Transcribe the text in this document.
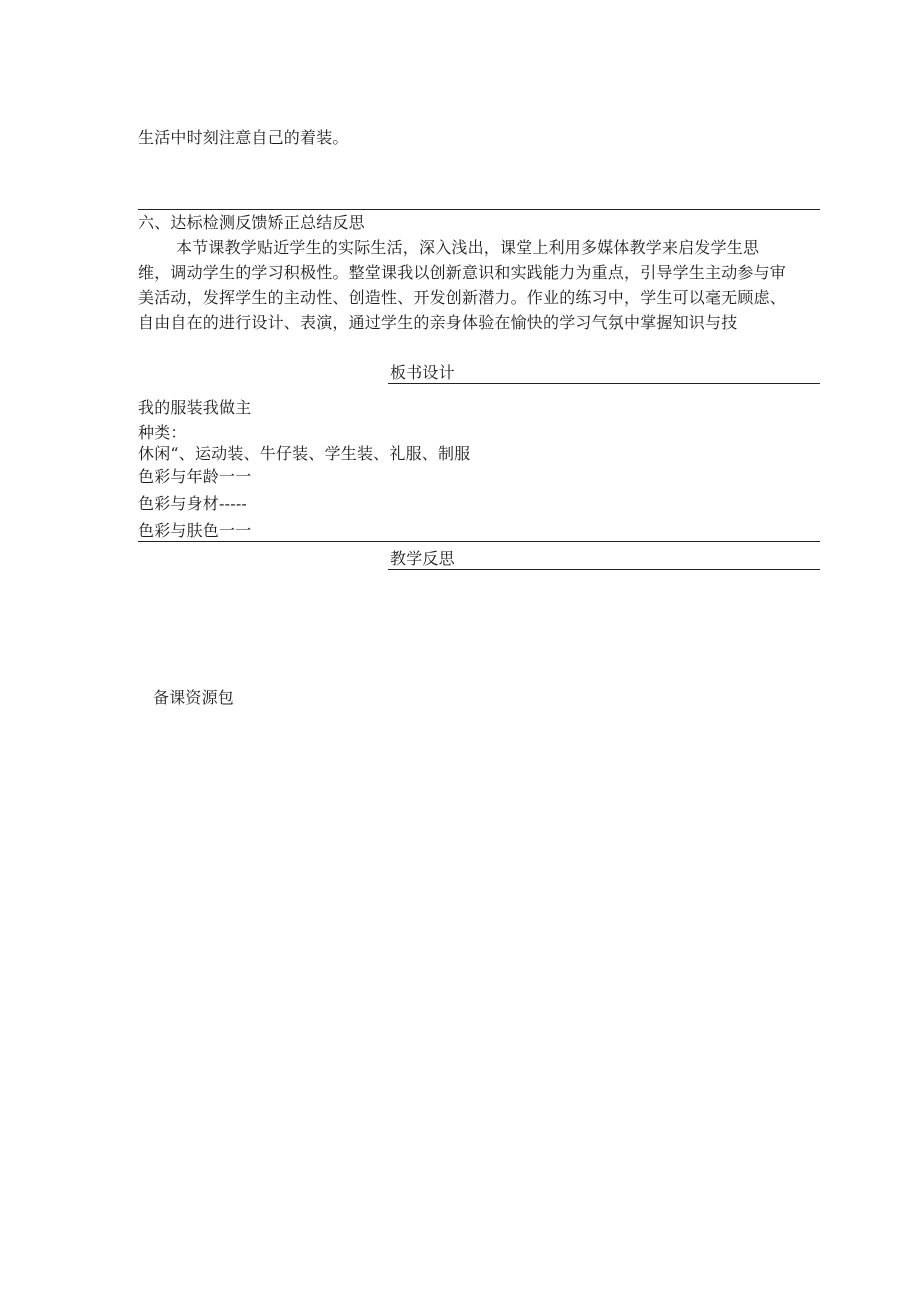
生活中时刻注意自己的着装。
六、达标检测反馈矫正总结反思
本节课教学贴近学生的实际生活，深入浅出，课堂上利用多媒体教学来启发学生思
维，调动学生的学习积极性。整堂课我以创新意识和实践能力为重点，引导学生主动参与审
美活动，发挥学生的主动性、创造性、开发创新潜力。作业的练习中，学生可以毫无顾虑、
自由自在的进行设计、表演，通过学生的亲身体验在愉快的学习气氛中掌握知识与技
板书设计
我的服装我做主
种类：
休闲“、运动装、牛仔装、学生装、礼服、制服
色彩与年龄一一
色彩与身材-----
色彩与肤色一一
教学反思
备课资源包
